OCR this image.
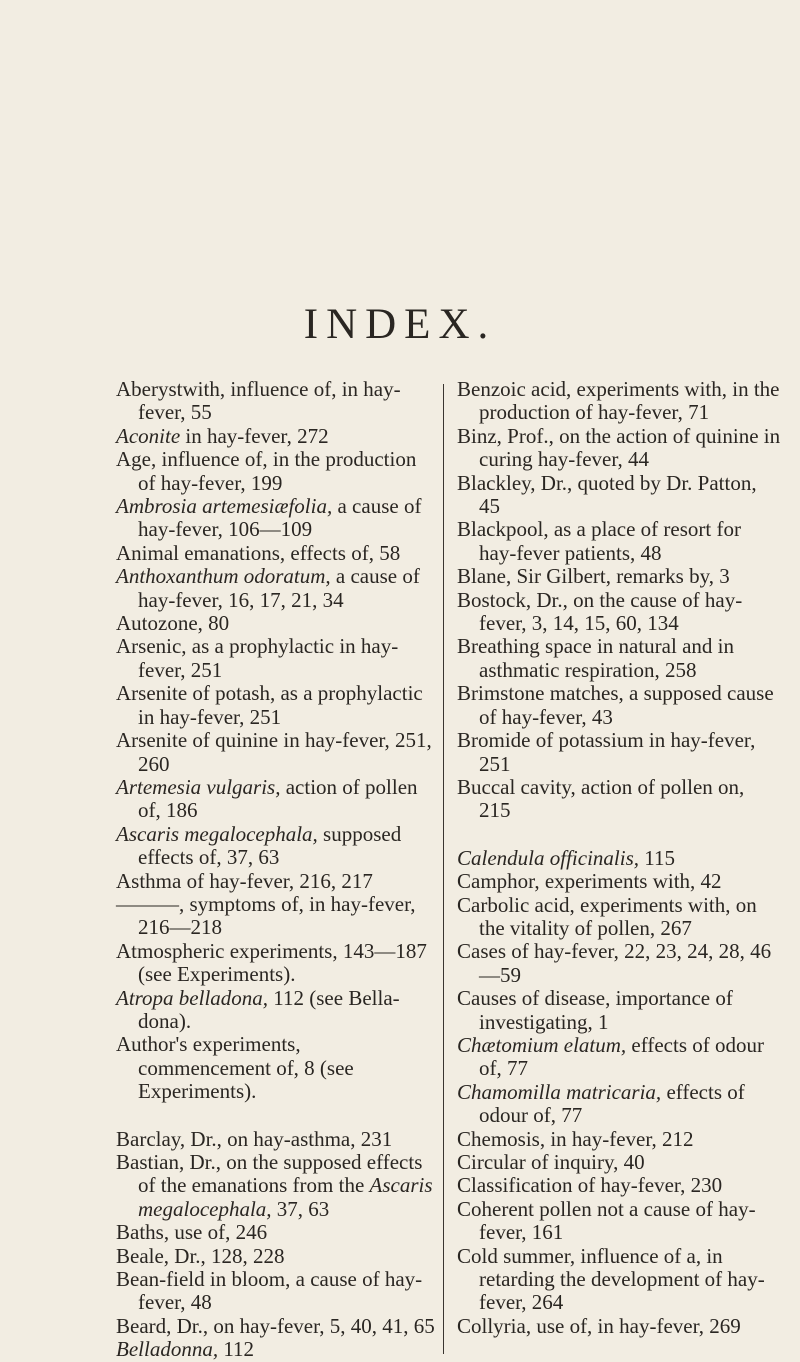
INDEX.
Aberystwith, influence of, in hay-fever, 55
Aconite in hay-fever, 272
Age, influence of, in the production of hay-fever, 199
Ambrosia artemesiæfolia, a cause of hay-fever, 106—109
Animal emanations, effects of, 58
Anthoxanthum odoratum, a cause of hay-fever, 16, 17, 21, 34
Autozone, 80
Arsenic, as a prophylactic in hay-fever, 251
Arsenite of potash, as a prophylactic in hay-fever, 251
Arsenite of quinine in hay-fever, 251, 260
Artemesia vulgaris, action of pollen of, 186
Ascaris megalocephala, supposed effects of, 37, 63
Asthma of hay-fever, 216, 217
———, symptoms of, in hay-fever, 216—218
Atmospheric experiments, 143—187 (see Experiments).
Atropa belladona, 112 (see Bella-dona).
Author's experiments, commencement of, 8 (see Experiments).
Barclay, Dr., on hay-asthma, 231
Bastian, Dr., on the supposed effects of the emanations from the Ascaris megalocephala, 37, 63
Baths, use of, 246
Beale, Dr., 128, 228
Bean-field in bloom, a cause of hay-fever, 48
Beard, Dr., on hay-fever, 5, 40, 41, 65
Belladonna, 112
Benzoic acid, experiments with, in the production of hay-fever, 71
Binz, Prof., on the action of quinine in curing hay-fever, 44
Blackley, Dr., quoted by Dr. Patton, 45
Blackpool, as a place of resort for hay-fever patients, 48
Blane, Sir Gilbert, remarks by, 3
Bostock, Dr., on the cause of hay-fever, 3, 14, 15, 60, 134
Breathing space in natural and in asthmatic respiration, 258
Brimstone matches, a supposed cause of hay-fever, 43
Bromide of potassium in hay-fever, 251
Buccal cavity, action of pollen on, 215
Calendula officinalis, 115
Camphor, experiments with, 42
Carbolic acid, experiments with, on the vitality of pollen, 267
Cases of hay-fever, 22, 23, 24, 28, 46—59
Causes of disease, importance of investigating, 1
Chætomium elatum, effects of odour of, 77
Chamomilla matricaria, effects of odour of, 77
Chemosis, in hay-fever, 212
Circular of inquiry, 40
Classification of hay-fever, 230
Coherent pollen not a cause of hay-fever, 161
Cold summer, influence of a, in retarding the development of hay-fever, 264
Collyria, use of, in hay-fever, 269
